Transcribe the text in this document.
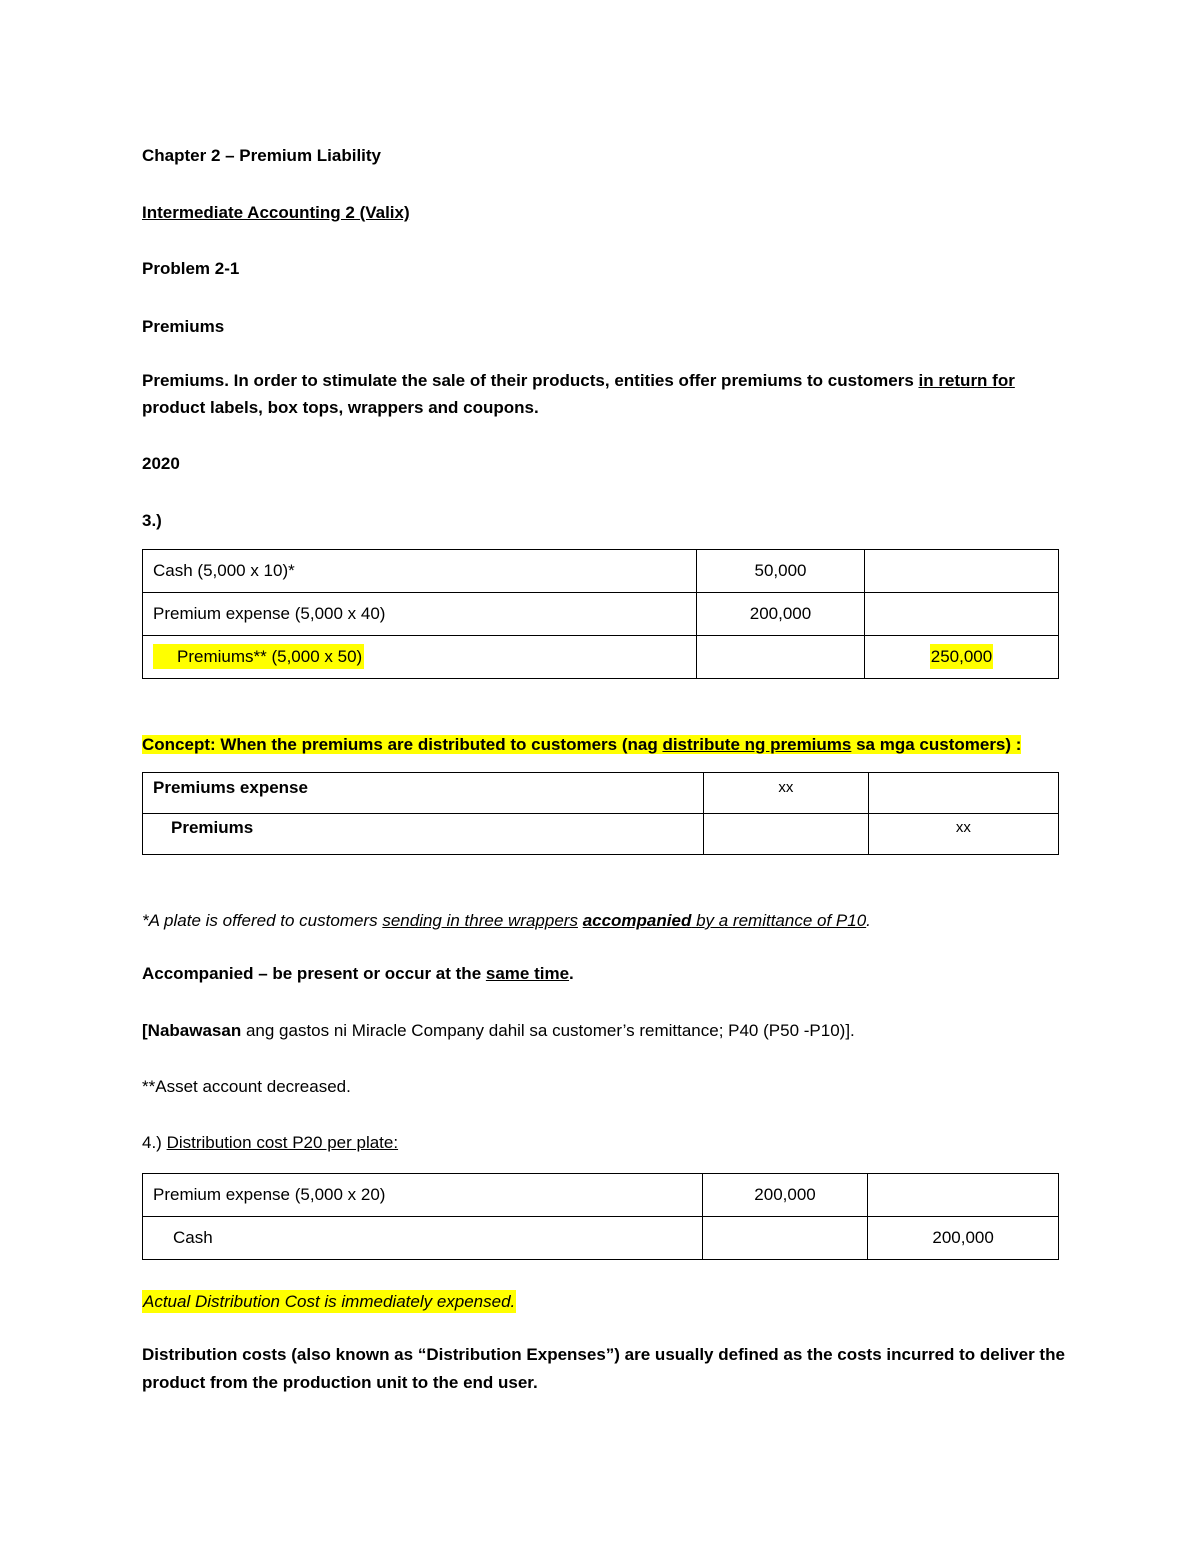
Chapter 2 – Premium Liability
Intermediate Accounting 2 (Valix)
Problem 2-1
Premiums
Premiums. In order to stimulate the sale of their products, entities offer premiums to customers in return for
product labels, box tops, wrappers and coupons.
2020
3.)
Cash (5,000 x 10)*	50,000	
Premium expense (5,000 x 40)	200,000	
Premiums** (5,000 x 50)		250,000
Concept: When the premiums are distributed to customers (nag distribute ng premiums sa mga customers) :
Premiums expense	xx	
Premiums		xx
*A plate is offered to customers sending in three wrappers accompanied by a remittance of P10.
Accompanied – be present or occur at the same time.
[Nabawasan ang gastos ni Miracle Company dahil sa customer’s remittance; P40 (P50 -P10)].
**Asset account decreased.
4.) Distribution cost P20 per plate:
Premium expense (5,000 x 20)	200,000	
Cash		200,000
Actual Distribution Cost is immediately expensed.
Distribution costs (also known as “Distribution Expenses”) are usually defined as the costs incurred to deliver the
product from the production unit to the end user.
